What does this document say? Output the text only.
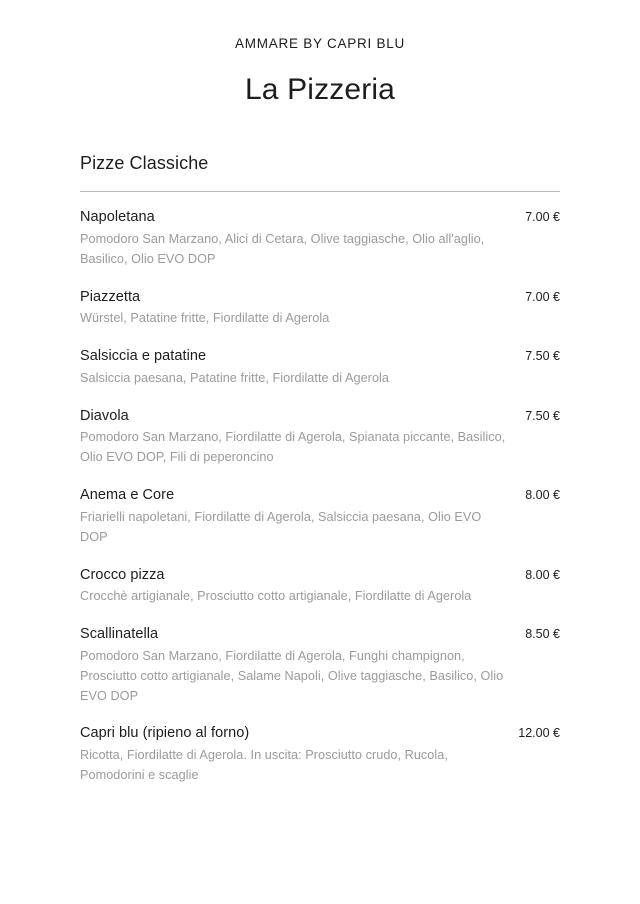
AMMARE BY CAPRI BLU
La Pizzeria
Pizze Classiche
Napoletana	7.00 €
Pomodoro San Marzano, Alici di Cetara, Olive taggiasche, Olio all'aglio, Basilico, Olio EVO DOP
Piazzetta	7.00 €
Würstel, Patatine fritte, Fiordilatte di Agerola
Salsiccia e patatine	7.50 €
Salsiccia paesana, Patatine fritte, Fiordilatte di Agerola
Diavola	7.50 €
Pomodoro San Marzano, Fiordilatte di Agerola, Spianata piccante, Basilico, Olio EVO DOP, Fili di peperoncino
Anema e Core	8.00 €
Friarielli napoletani, Fiordilatte di Agerola, Salsiccia paesana, Olio EVO DOP
Crocco pizza	8.00 €
Crocchè artigianale, Prosciutto cotto artigianale, Fiordilatte di Agerola
Scallinatella	8.50 €
Pomodoro San Marzano, Fiordilatte di Agerola, Funghi champignon, Prosciutto cotto artigianale, Salame Napoli, Olive taggiasche, Basilico, Olio EVO DOP
Capri blu (ripieno al forno)	12.00 €
Ricotta, Fiordilatte di Agerola. In uscita: Prosciutto crudo, Rucola, Pomodorini e scaglie
